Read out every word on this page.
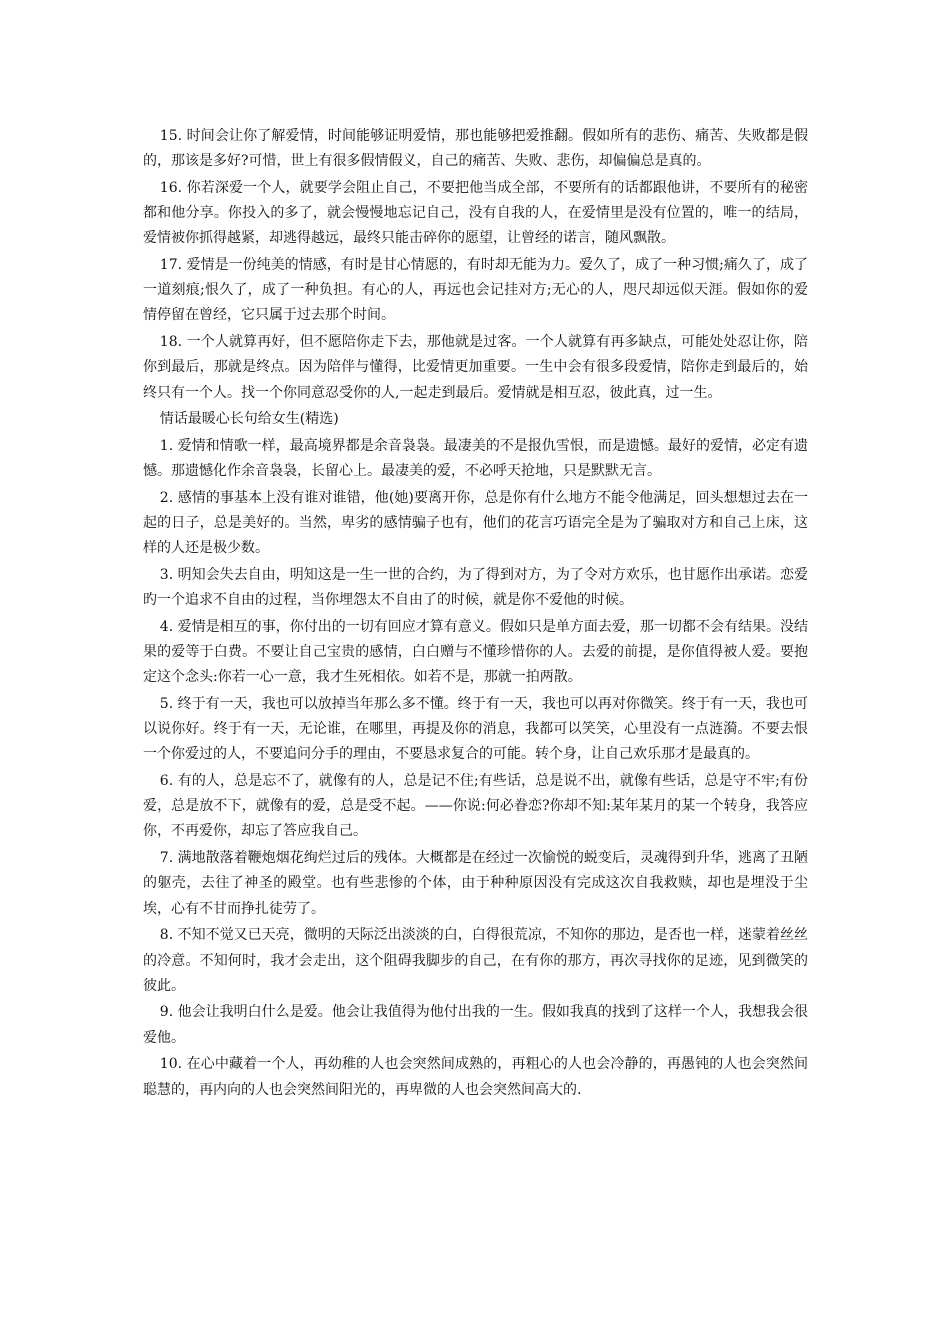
15. 时间会让你了解爱情，时间能够证明爱情，那也能够把爱推翻。假如所有的悲伤、痛苦、失败都是假的，那该是多好?可惜，世上有很多假情假义，自己的痛苦、失败、悲伤，却偏偏总是真的。

16. 你若深爱一个人，就要学会阻止自己，不要把他当成全部，不要所有的话都跟他讲，不要所有的秘密都和他分享。你投入的多了，就会慢慢地忘记自己，没有自我的人，在爱情里是没有位置的，唯一的结局，爱情被你抓得越紧，却逃得越远，最终只能击碎你的愿望，让曾经的诺言，随风飘散。

17. 爱情是一份纯美的情感，有时是甘心情愿的，有时却无能为力。爱久了，成了一种习惯;痛久了，成了一道刻痕;恨久了，成了一种负担。有心的人，再远也会记挂对方;无心的人，咫尺却远似天涯。假如你的爱情停留在曾经，它只属于过去那个时间。

18. 一个人就算再好，但不愿陪你走下去，那他就是过客。一个人就算有再多缺点，可能处处忍让你，陪你到最后，那就是终点。因为陪伴与懂得，比爱情更加重要。一生中会有很多段爱情，陪你走到最后的，始终只有一个人。找一个你同意忍受你的人,一起走到最后。爱情就是相互忍，彼此真，过一生。

情话最暖心长句给女生(精选)

1. 爱情和情歌一样，最高境界都是余音袅袅。最凄美的不是报仇雪恨，而是遗憾。最好的爱情，必定有遗憾。那遗憾化作余音袅袅，长留心上。最凄美的爱，不必呼天抢地，只是默默无言。

2. 感情的事基本上没有谁对谁错，他(她)要离开你，总是你有什么地方不能令他满足，回头想想过去在一起的日子，总是美好的。当然，卑劣的感情骗子也有，他们的花言巧语完全是为了骗取对方和自己上床，这样的人还是极少数。

3. 明知会失去自由，明知这是一生一世的合约，为了得到对方，为了令对方欢乐，也甘愿作出承诺。恋爱旳一个追求不自由的过程，当你埋怨太不自由了的时候，就是你不爱他的时候。

4. 爱情是相互的事，你付出的一切有回应才算有意义。假如只是单方面去爱，那一切都不会有结果。没结果的爱等于白费。不要让自己宝贵的感情，白白赠与不懂珍惜你的人。去爱的前提，是你值得被人爱。要抱定这个念头:你若一心一意，我才生死相依。如若不是，那就一拍两散。

5. 终于有一天，我也可以放掉当年那么多不懂。终于有一天，我也可以再对你微笑。终于有一天，我也可以说你好。终于有一天，无论谁，在哪里，再提及你的消息，我都可以笑笑，心里没有一点涟漪。不要去恨一个你爱过的人，不要追问分手的理由，不要恳求复合的可能。转个身，让自己欢乐那才是最真的。

6. 有的人，总是忘不了，就像有的人，总是记不住;有些话，总是说不出，就像有些话，总是守不牢;有份爱，总是放不下，就像有的爱，总是受不起。——你说:何必眷恋?你却不知:某年某月的某一个转身，我答应你，不再爱你，却忘了答应我自己。

7. 满地散落着鞭炮烟花绚烂过后的残体。大概都是在经过一次愉悦的蜕变后，灵魂得到升华，逃离了丑陋的躯壳，去往了神圣的殿堂。也有些悲惨的个体，由于种种原因没有完成这次自我救赎，却也是埋没于尘埃，心有不甘而挣扎徒劳了。

8. 不知不觉又已天亮，微明的天际泛出淡淡的白，白得很荒凉，不知你的那边，是否也一样，迷蒙着丝丝的冷意。不知何时，我才会走出，这个阻碍我脚步的自己，在有你的那方，再次寻找你的足迹，见到微笑的彼此。

9. 他会让我明白什么是爱。他会让我值得为他付出我的一生。假如我真的找到了这样一个人，我想我会很爱他。

10. 在心中藏着一个人，再幼稚的人也会突然间成熟的，再粗心的人也会冷静的，再愚钝的人也会突然间聪慧的，再内向的人也会突然间阳光的，再卑微的人也会突然间高大的.
